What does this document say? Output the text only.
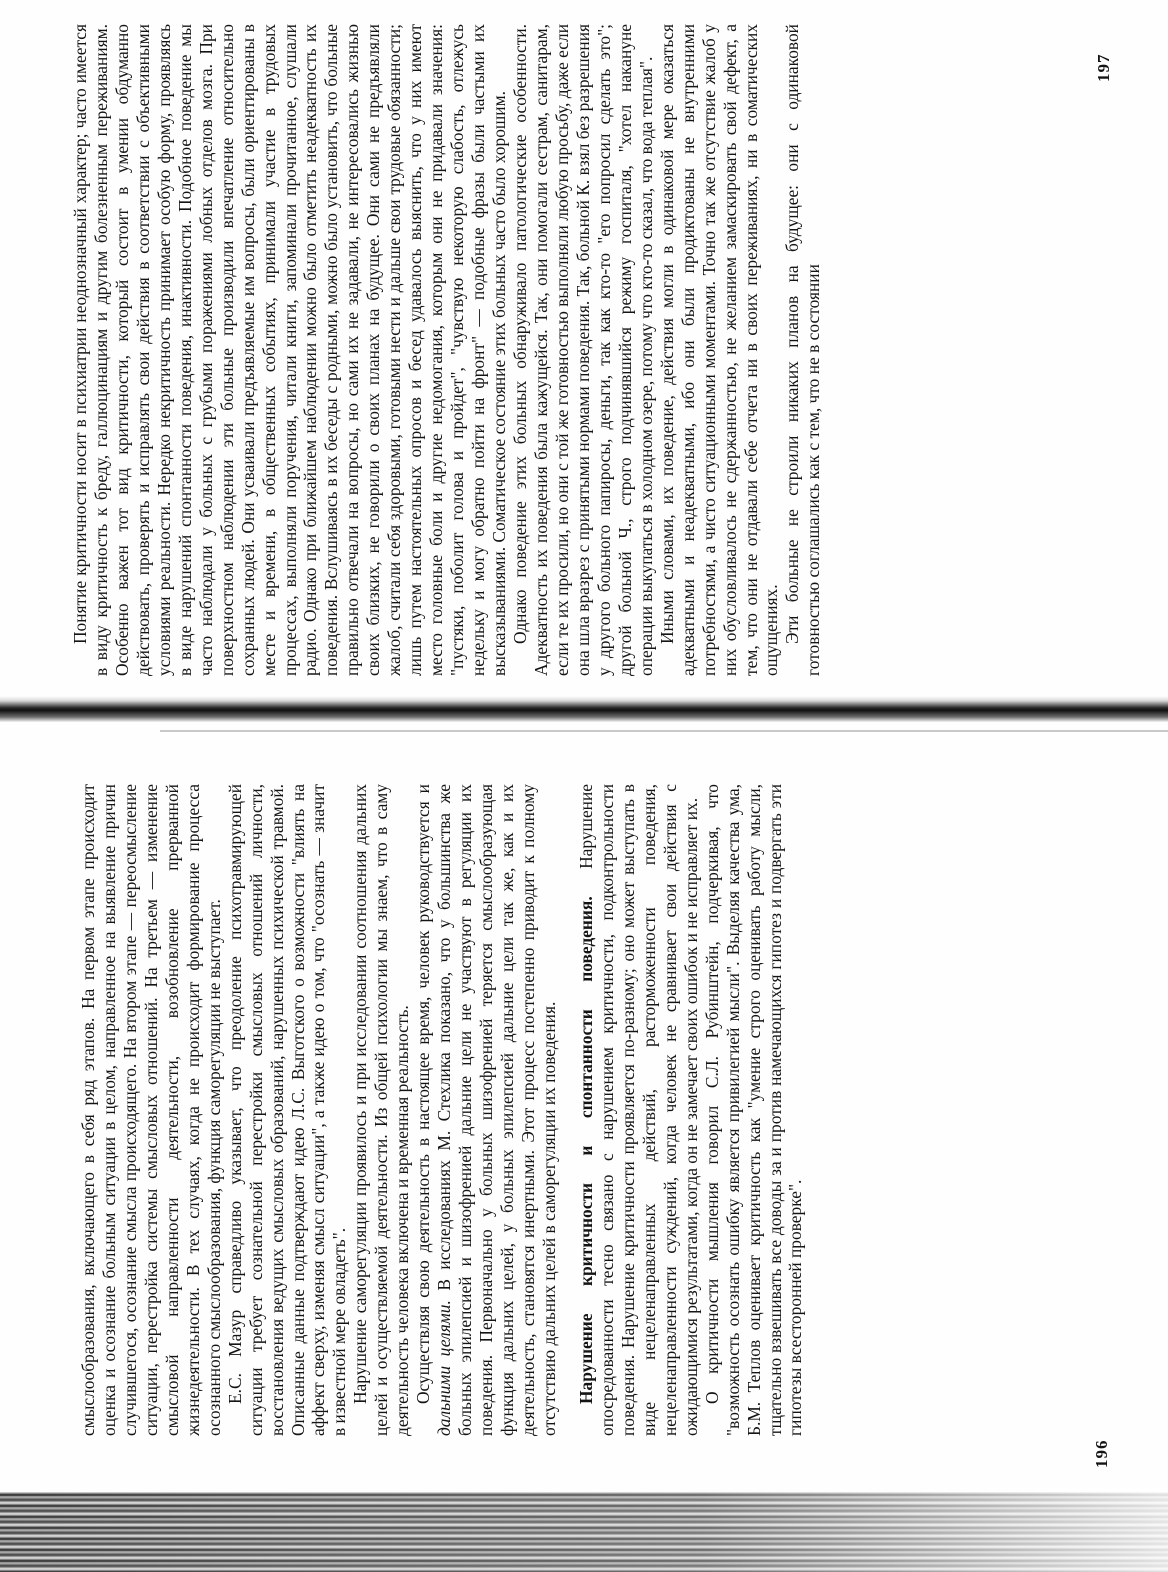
смыслообразования, включающего в себя ряд этапов. На первом этапе происходит оценка и осознание больным ситуации в целом, направленное на выявление причин случившегося, осознание смысла происходящего. На втором этапе — переосмысление ситуации, перестройка системы смысловых отношений. На третьем — изменение смысловой направленности деятельности, возобновление прерванной жизнедеятельности. В тех случаях, когда не происходит формирование процесса осознанного смыслообразования, функция саморегуляции не выступает. Е.С. Мазур справедливо указывает, что преодоление психотравмирующей ситуации требует сознательной перестройки смысловых отношений личности, восстановления ведущих смысловых образований, нарушенных психической травмой. Описанные данные подтверждают идею Л.С. Выготского о возможности "влиять на аффект сверху, изменяя смысл ситуации", а также идею о том, что "осознать — значит в известной мере овладеть". Нарушение саморегуляции проявилось и при исследовании соотношения дальних целей и осуществляемой деятельности. Из общей психологии мы знаем, что в саму деятельность человека включена и временная реальность. Осуществляя свою деятельность в настоящее время, человек руководствуется и дальними целями. В исследованиях М. Стехлика показано, что у большинства же больных эпилепсией и шизофренией дальние цели не участвуют в регуляции их поведения. Первоначально у больных шизофренией теряется смыслообразующая функция дальних целей, у больных эпилепсией дальние цели так же, как и их деятельность, становятся инертными. Этот процесс постепенно приводит к полному отсутствию дальних целей в саморегуляции их поведения. Нарушение критичности и спонтанности поведения. Нарушение опосредованности тесно связано с нарушением критичности, подконтрольности поведения. Нарушение критичности проявляется по-разному; оно может выступать в виде нецеленаправленных действий, расторможенности поведения, нецеленаправленности суждений, когда человек не сравнивает свои действия с ожидающимися результатами, когда он не замечает своих ошибок и не исправляет их. О критичности мышления говорил С.Л. Рубинштейн, подчеркивая, что "возможность осознать ошибку является привилегией мысли". Выделяя качества ума, Б.М. Теплов оценивает критичность как "умение строго оценивать работу мысли, тщательно взвешивать все доводы за и против намечающихся гипотез и подвергать эти гипотезы всесторонней проверке".

196

Понятие критичности носит в психиатрии неоднозначный характер; часто имеется в виду критичность к бреду, галлюцинациям и другим болезненным переживаниям. Особенно важен тот вид критичности, который состоит в умении обдуманно действовать, проверять и исправлять свои действия в соответствии с объективными условиями реальности. Нередко некритичность принимает особую форму, проявляясь в виде нарушений спонтанности поведения, инактивности. Подобное поведение мы часто наблюдали у больных с грубыми поражениями лобных отделов мозга. При поверхностном наблюдении эти больные производили впечатление относительно сохранных людей. Они усваивали предъявляемые им вопросы, были ориентированы в месте и времени, в общественных событиях, принимали участие в трудовых процессах, выполняли поручения, читали книги, запоминали прочитанное, слушали радио. Однако при ближайшем наблюдении можно было отметить неадекватность их поведения. Вслушиваясь в их беседы с родными, можно было установить, что больные правильно отвечали на вопросы, но сами их не задавали, не интересовались жизнью своих близких, не говорили о своих планах на будущее. Они сами не предъявляли жалоб, считали себя здоровыми, готовыми нести и дальше свои трудовые обязанности; лишь путем настоятельных опросов и бесед удавалось выяснить, что у них имеют место головные боли и другие недомогания, которым они не придавали значения: "пустяки, поболит голова и пройдет", "чувствую некоторую слабость, отлежусь недельку и могу обратно пойти на фронт" — подобные фразы были частыми их высказываниями. Соматическое состояние этих больных часто было хорошим. Однако поведение этих больных обнаруживало патологические особенности. Адекватность их поведения была кажущейся. Так, они помогали сестрам, санитарам, если те их просили, но они с той же готовностью выполняли любую просьбу, даже если она шла вразрез с принятыми нормами поведения. Так, больной К. взял без разрешения у другого больного папиросы, деньги, так как кто-то "его попросил сделать это"; другой больной Ч., строго подчинявшийся режиму госпиталя, "хотел накануне операции выкупаться в холодном озере, потому что кто-то сказал, что вода теплая". Иными словами, их поведение, действия могли в одинаковой мере оказаться адекватными и неадекватными, ибо они были продиктованы не внутренними потребностями, а чисто ситуационными моментами. Точно так же отсутствие жалоб у них обусловливалось не сдержанностью, не желанием замаскировать свой дефект, а тем, что они не отдавали себе отчета ни в своих переживаниях, ни в соматических ощущениях. Эти больные не строили никаких планов на будущее: они с одинаковой готовностью соглашались как с тем, что не в состоянии

197
